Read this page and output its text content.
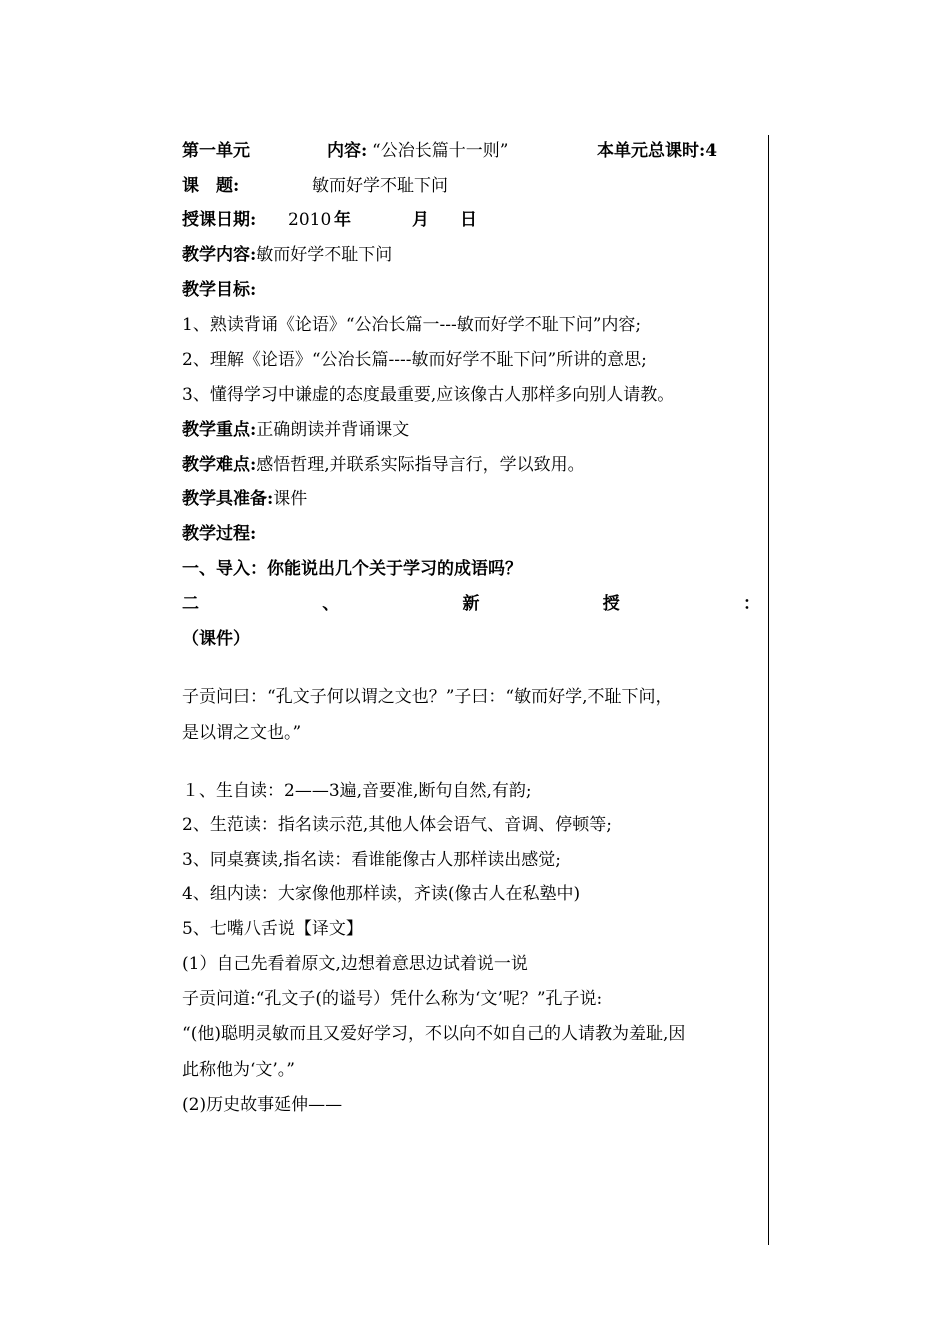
第一单元	内容: “公冶长篇十一则”	本单元总课时:4
课 题:	敏而好学不耻下问
授课日期: 2010 年	月 日
教学内容:敏而好学不耻下问
教学目标:
1、熟读背诵《论语》“公冶长篇一---敏而好学不耻下问”内容;
2、理解《论语》“公冶长篇----敏而好学不耻下问”所讲的意思;
3、懂得学习中谦虚的态度最重要,应该像古人那样多向别人请教。
教学重点:正确朗读并背诵课文
教学难点:感悟哲理,并联系实际指导言行，学以致用。
教学具准备:课件
教学过程:
一、导入：你能说出几个关于学习的成语吗？
二	、	新	授	：
（课件）
子贡问曰：“孔文子何以谓之文也？”子曰：“敏而好学,不耻下问，
是以谓之文也。”
１、生自读：2——3遍,音要准,断句自然,有韵;
2、生范读：指名读示范,其他人体会语气、音调、停顿等;
3、同桌赛读,指名读：看谁能像古人那样读出感觉;
4、组内读：大家像他那样读，齐读(像古人在私塾中)
5、七嘴八舌说【译文】
(1）自己先看着原文,边想着意思边试着说一说
子贡问道:“孔文子(的谥号）凭什么称为‘文’呢？”孔子说:
“(他)聪明灵敏而且又爱好学习，不以向不如自己的人请教为羞耻,因
此称他为‘文’。”
(2)历史故事延伸——
